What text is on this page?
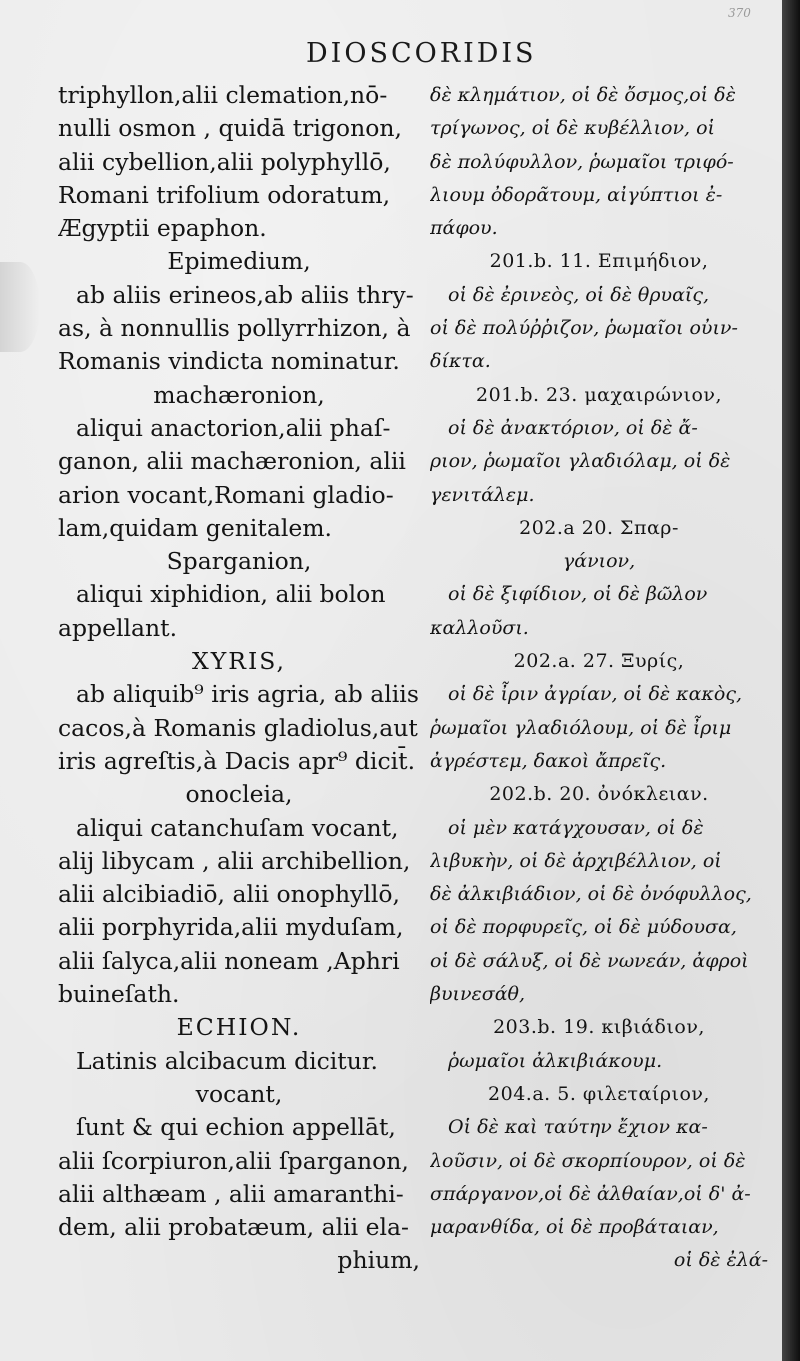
370
DIOSCORIDIS
triphyllon,alii clemation,nō-
nulli osmon , quidā trigonon,
alii cybellion,alii polyphyllō,
Romani trifolium odoratum,
Ægyptii epaphon.
Epimedium,
ab aliis erineos,ab aliis thry-
as, à nonnullis pollyrrhizon, à
Romanis vindicta nominatur.
machæronion,
aliqui anactorion,alii phaſ-
ganon, alii machæronion, alii
arion vocant,Romani gladio-
lam,quidam genitalem.
Sparganion,
aliqui xiphidion, alii bolon
appellant.
XYRIS,
ab aliquib⁹ iris agria, ab aliis
cacos,à Romanis gladiolus,aut
iris agreſtis,à Dacis apr⁹ dicit̄.
onocleia,
aliqui catanchuſam vocant,
alij libycam , alii archibellion,
alii alcibiadiō, alii onophyllō,
alii porphyrida,alii myduſam,
alii ſalyca,alii noneam ,Aphri
buineſath.
ECHION.
Latinis alcibacum dicitur.
vocant,
ſunt & qui echion appellāt,
alii ſcorpiuron,alii ſparganon,
alii althæam , alii amaranthi-
dem, alii probatæum, alii ela-
phium,
δὲ κλημάτιον, οἱ δὲ ὄσμος,οἱ δὲ
τρίγωνος, οἱ δὲ κυβέλλιον, οἱ
δὲ πολύφυλλον, ῥωμαῖοι τριφό-
λιουμ ὀδορᾶτουμ, αἰγύπτιοι ἐ-
πάφου.
201.b. 11. Επιμήδιον,
οἱ δὲ ἐρινεὸς, οἱ δὲ θρυαῖς,
οἱ δὲ πολύῤῥιζον, ῥωμαῖοι οὐιν-
δίκτα.
201.b. 23. μαχαιρώνιον,
οἱ δὲ ἀνακτόριον, οἱ δὲ ἄ-
ριον, ῥωμαῖοι γλαδιόλαμ, οἱ δὲ
γενιτάλεμ.
202.a 20. Σπαρ-
γάνιον,
οἱ δὲ ξιφίδιον, οἱ δὲ βῶλον
καλλοῦσι.
202.a. 27. Ξυρίς,
οἱ δὲ ἶριν ἀγρίαν, οἱ δὲ κακὸς,
ῥωμαῖοι γλαδιόλουμ, οἱ δὲ ἶριμ
ἀγρέστεμ, δακοὶ ἄπρεῖς.
202.b. 20. ὀνόκλειαν.
οἱ μὲν κατάγχουσαν, οἱ δὲ
λιβυκὴν, οἱ δὲ ἀρχιβέλλιον, οἱ
δὲ ἀλκιβιάδιον, οἱ δὲ ὀνόφυλλος,
οἱ δὲ πορφυρεῖς, οἱ δὲ μύδουσα,
οἱ δὲ σάλυξ, οἱ δὲ νωνεάν, ἀφροὶ
βυινεσάθ,
203.b. 19. κιβιάδιον,
ῥωμαῖοι ἀλκιβιάκουμ.
204.a. 5. φιλεταίριον,
Οἱ δὲ καὶ ταύτην ἔχιον κα-
λοῦσιν, οἱ δὲ σκορπίουρον, οἱ δὲ
σπάργανον,οἱ δὲ ἀλθαίαν,οἱ δ' ἀ-
μαρανθίδα, οἱ δὲ προβάταιαν,
οἱ δὲ ἐλά-
